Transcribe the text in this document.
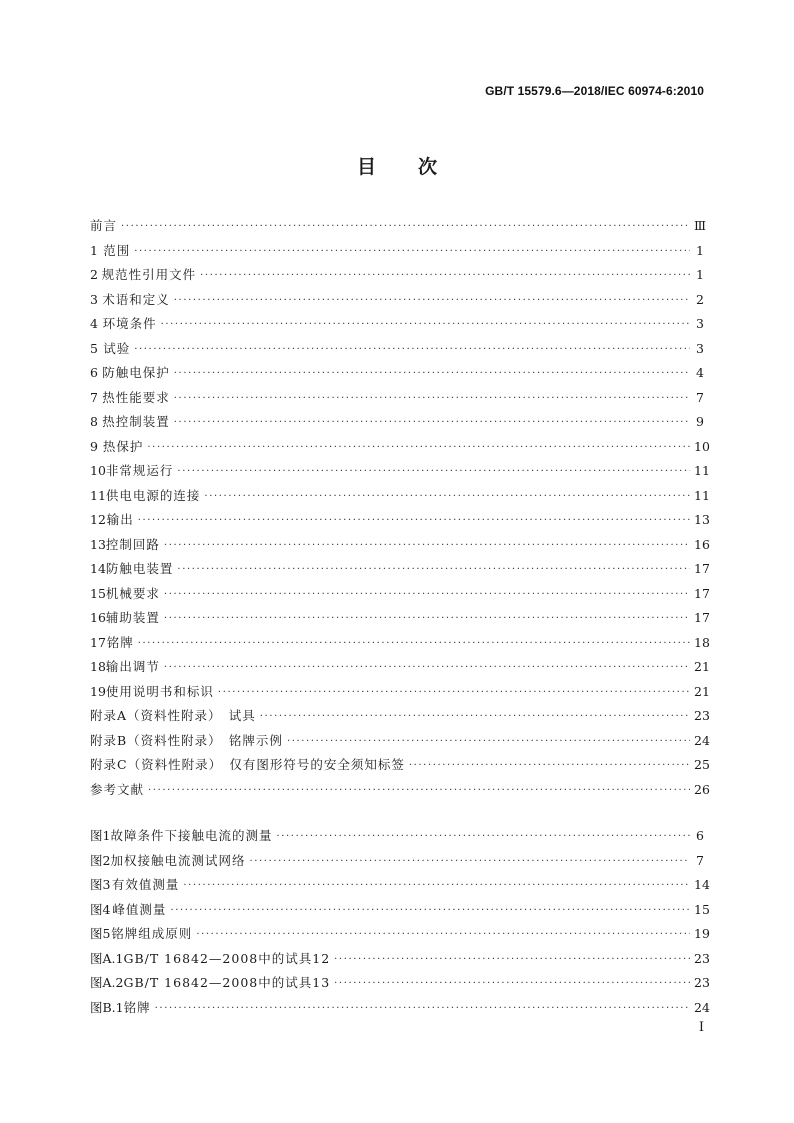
GB/T 15579.6—2018/IEC 60974-6:2010
目次
前言 ·····	Ⅲ
1 范围 ·····	1
2 规范性引用文件 ·····	1
3 术语和定义 ·····	2
4 环境条件 ·····	3
5 试验 ·····	3
6 防触电保护 ·····	4
7 热性能要求 ·····	7
8 热控制装置 ·····	9
9 热保护 ·····	10
10 非常规运行 ·····	11
11 供电电源的连接 ·····	11
12 输出 ·····	13
13 控制回路 ·····	16
14 防触电装置 ·····	17
15 机械要求 ·····	17
16 辅助装置 ·····	17
17 铭牌 ·····	18
18 输出调节 ·····	21
19 使用说明书和标识 ·····	21
附录A（资料性附录）　试具 ·····	23
附录B（资料性附录）　铭牌示例 ·····	24
附录C（资料性附录）　仅有图形符号的安全须知标签 ·····	25
参考文献 ·····	26
图1 故障条件下接触电流的测量 ·····	6
图2 加权接触电流测试网络 ·····	7
图3 有效值测量 ·····	14
图4 峰值测量 ·····	15
图5 铭牌组成原则 ·····	19
图A.1 GB/T 16842—2008中的试具12 ·····	23
图A.2 GB/T 16842—2008中的试具13 ·····	23
图B.1 铭牌 ·····	24
Ⅰ
